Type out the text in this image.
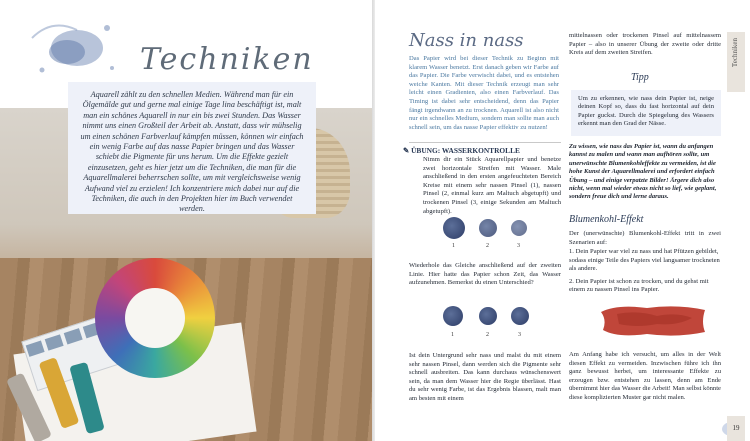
Techniken
Aquarell zählt zu den schnellen Medien. Während man für ein Ölgemälde gut und gerne mal einige Tage lina beschäftigt ist, malt man ein schönes Aquarell in nur ein bis zwei Stunden. Das Wasser nimmt uns einen Großteil der Arbeit ab. Anstatt, dass wir mühselig um einen schönen Farbverlauf kämpfen müssen, können wir einfach ein wenig Farbe auf das nasse Papier bringen und das Wasser schiebt die Pigmente für uns herum. Um die Effekte gezielt einzusetzen, geht es hier jetzt um die Techniken, die man für die Aquarellmalerei beherrschen sollte, um mit vergleichsweise wenig Aufwand viel zu erzielen! Ich konzentriere mich dabei nur auf die Techniken, die auch in den Projekten hier im Buch verwendet werden.
Nass in nass
Das Papier wird bei dieser Technik zu Beginn mit klarem Wasser benetzt. Erst danach geben wir Farbe auf das Papier. Die Farbe verwischt dabei, und es entstehen weiche Kanten. Mit dieser Technik erzeugt man sehr leicht einen Gradienten, also einen Farbverlauf. Das Timing ist dabei sehr entscheidend, denn das Papier fängt irgendwann an zu trocknen. Aquarell ist also nicht nur ein schnelles Medium, sondern man sollte man auch schnell sein, um das nasse Papier effektiv zu nutzen!
✎ ÜBUNG: WASSERKONTROLLE
Nimm dir ein Stück Aquarellpapier und benetze zwei horizontale Streifen mit Wasser. Male anschließend in den ersten angefeuchteten Bereich Kreise mit einem sehr nassen Pinsel (1), nassen Pinsel (2, einmal kurz am Maltuch abgetupft) und trockenen Pinsel (3, einige Sekunden am Maltuch abgetupft).
1	2	3
Wiederhole das Gleiche anschließend auf der zweiten Linie. Hier hatte das Papier schon Zeit, das Wasser aufzunehmen. Bemerkst du einen Unterschied?
1	2	3
Ist dein Untergrund sehr nass und malst du mit einem sehr nassen Pinsel, dann werden sich die Pigmente sehr schnell ausbreiten. Das kann durchaus wünschenswert sein, da man dem Wasser hier die Regie überlässt. Hast du sehr wenig Farbe, ist das Ergebnis blassen, malt man am besten mit einem
mittelnassen oder trockenen Pinsel auf mittelnassem Papier – also in unserer Übung der zweite oder dritte Kreis auf dem zweiten Streifen.
Tipp
Um zu erkennen, wie nass dein Papier ist, neige deinen Kopf so, dass du fast horizontal auf dein Papier guckst. Durch die Spiegelung des Wassers erkennt man den Grad der Nässe.
Zu wissen, wie nass das Papier ist, wann du anfangen kannst zu malen und wann man aufhören sollte, um unerwünschte Blumenkohleffekte zu vermeiden, ist die hohe Kunst der Aquarellmalerei und erfordert einfach Übung – und einige verpatzte Bilder! Ärgere dich also nicht, wenn mal wieder etwas nicht so lief, wie geplant, sondern freue dich und lerne daraus.
Blumenkohl-Effekt
Der (unerwünschte) Blumenkohl-Effekt tritt in zwei Szenarien auf:
1. Dein Papier war viel zu nass und hat Pfützen gebildet, sodass einige Teile des Papiers viel langsamer trockneten als andere.
2. Dein Papier ist schon zu trocken, und du gehst mit einem zu nassen Pinsel ins Papier.
Am Anfang habe ich versucht, um alles in der Welt diesen Effekt zu vermeiden. Inzwischen führe ich ihn ganz bewusst herbei, um interessante Effekte zu erzeugen bzw. entstehen zu lassen, denn am Ende übernimmt hier das Wasser die Arbeit! Man selbst könnte diese komplizierten Muster gar nicht malen.
Techniken
19
